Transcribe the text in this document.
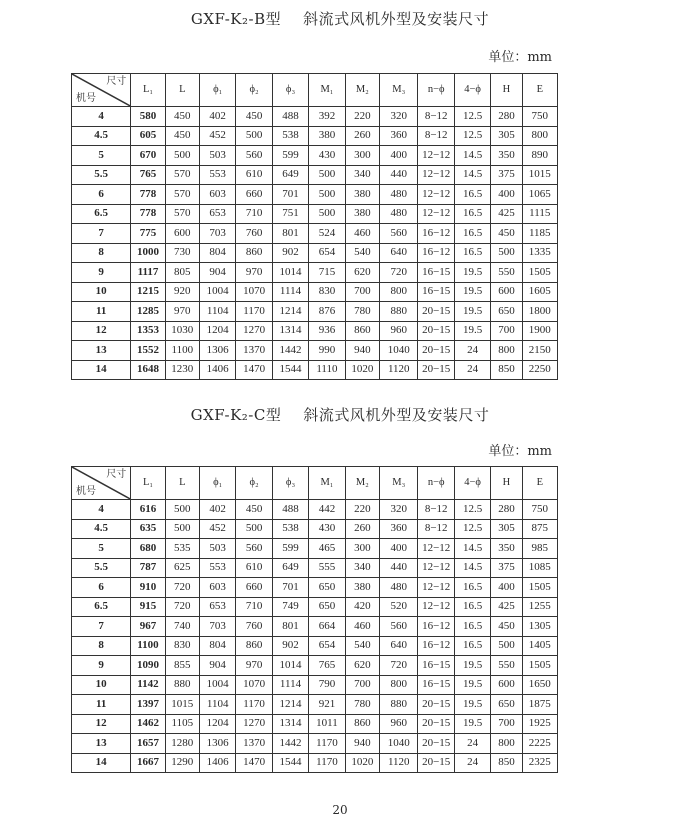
GXF-K₂-B型 斜流式风机外型及安装尺寸
单位：mm
尺寸
机号	L₁	L	ϕ₁	ϕ₂	ϕ₃	M₁	M₂	M₃	n−ϕ	4−ϕ	H	E
4	580	450	402	450	488	392	220	320	8−12	12.5	280	750
4.5	605	450	452	500	538	380	260	360	8−12	12.5	305	800
5	670	500	503	560	599	430	300	400	12−12	14.5	350	890
5.5	765	570	553	610	649	500	340	440	12−12	14.5	375	1015
6	778	570	603	660	701	500	380	480	12−12	16.5	400	1065
6.5	778	570	653	710	751	500	380	480	12−12	16.5	425	1115
7	775	600	703	760	801	524	460	560	16−12	16.5	450	1185
8	1000	730	804	860	902	654	540	640	16−12	16.5	500	1335
9	1117	805	904	970	1014	715	620	720	16−15	19.5	550	1505
10	1215	920	1004	1070	1114	830	700	800	16−15	19.5	600	1605
11	1285	970	1104	1170	1214	876	780	880	20−15	19.5	650	1800
12	1353	1030	1204	1270	1314	936	860	960	20−15	19.5	700	1900
13	1552	1100	1306	1370	1442	990	940	1040	20−15	24	800	2150
14	1648	1230	1406	1470	1544	1110	1020	1120	20−15	24	850	2250
GXF-K₂-C型 斜流式风机外型及安装尺寸
单位：mm
尺寸
机号	L₁	L	ϕ₁	ϕ₂	ϕ₃	M₁	M₂	M₃	n−ϕ	4−ϕ	H	E
4	616	500	402	450	488	442	220	320	8−12	12.5	280	750
4.5	635	500	452	500	538	430	260	360	8−12	12.5	305	875
5	680	535	503	560	599	465	300	400	12−12	14.5	350	985
5.5	787	625	553	610	649	555	340	440	12−12	14.5	375	1085
6	910	720	603	660	701	650	380	480	12−12	16.5	400	1505
6.5	915	720	653	710	749	650	420	520	12−12	16.5	425	1255
7	967	740	703	760	801	664	460	560	16−12	16.5	450	1305
8	1100	830	804	860	902	654	540	640	16−12	16.5	500	1405
9	1090	855	904	970	1014	765	620	720	16−15	19.5	550	1505
10	1142	880	1004	1070	1114	790	700	800	16−15	19.5	600	1650
11	1397	1015	1104	1170	1214	921	780	880	20−15	19.5	650	1875
12	1462	1105	1204	1270	1314	1011	860	960	20−15	19.5	700	1925
13	1657	1280	1306	1370	1442	1170	940	1040	20−15	24	800	2225
14	1667	1290	1406	1470	1544	1170	1020	1120	20−15	24	850	2325
20
